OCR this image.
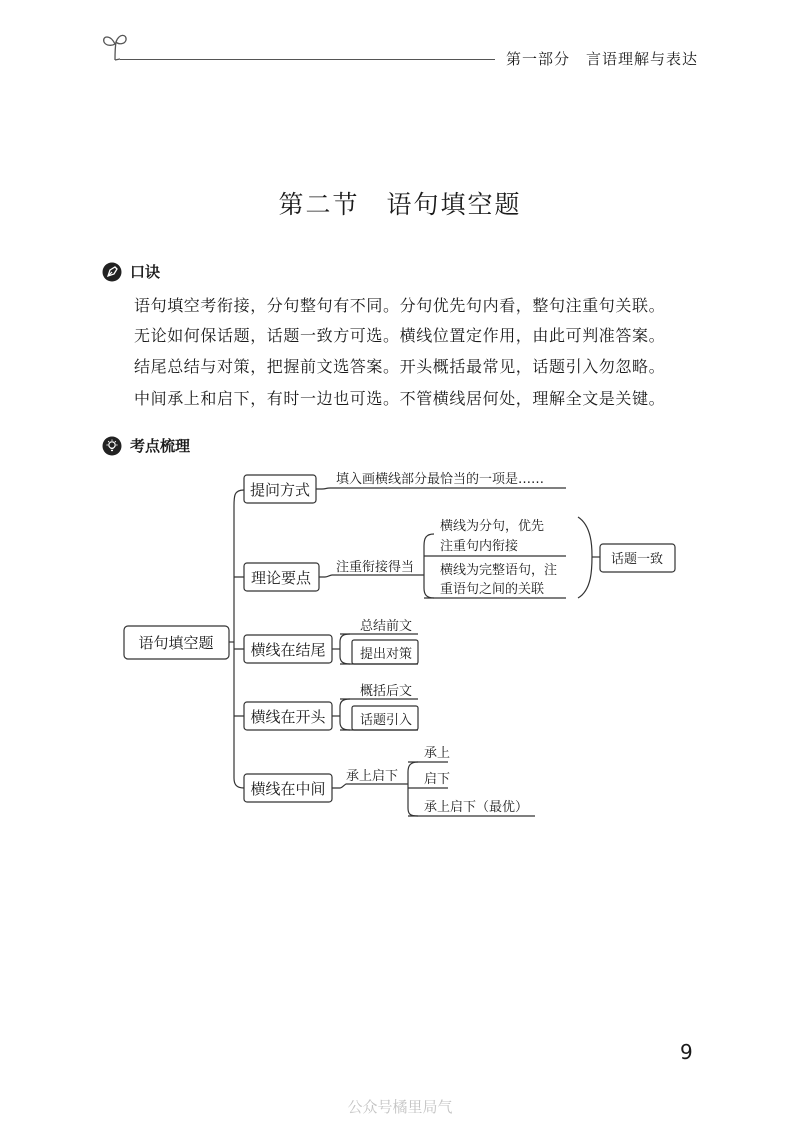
第一部分　言语理解与表达
第二节　语句填空题
口诀
语句填空考衔接，分句整句有不同。分句优先句内看，整句注重句关联。
无论如何保话题，话题一致方可选。横线位置定作用，由此可判准答案。
结尾总结与对策，把握前文选答案。开头概括最常见，话题引入勿忽略。
中间承上和启下，有时一边也可选。不管横线居何处，理解全文是关键。
考点梳理
语句填空题
提问方式
理论要点
横线在结尾
横线在开头
横线在中间
填入画横线部分最恰当的一项是……
注重衔接得当
横线为分句，优先
注重句内衔接
横线为完整语句，注
重语句之间的关联
话题一致
总结前文
提出对策
概括后文
话题引入
承上启下
承上
启下
承上启下（最优）
9
公众号橘里局气
